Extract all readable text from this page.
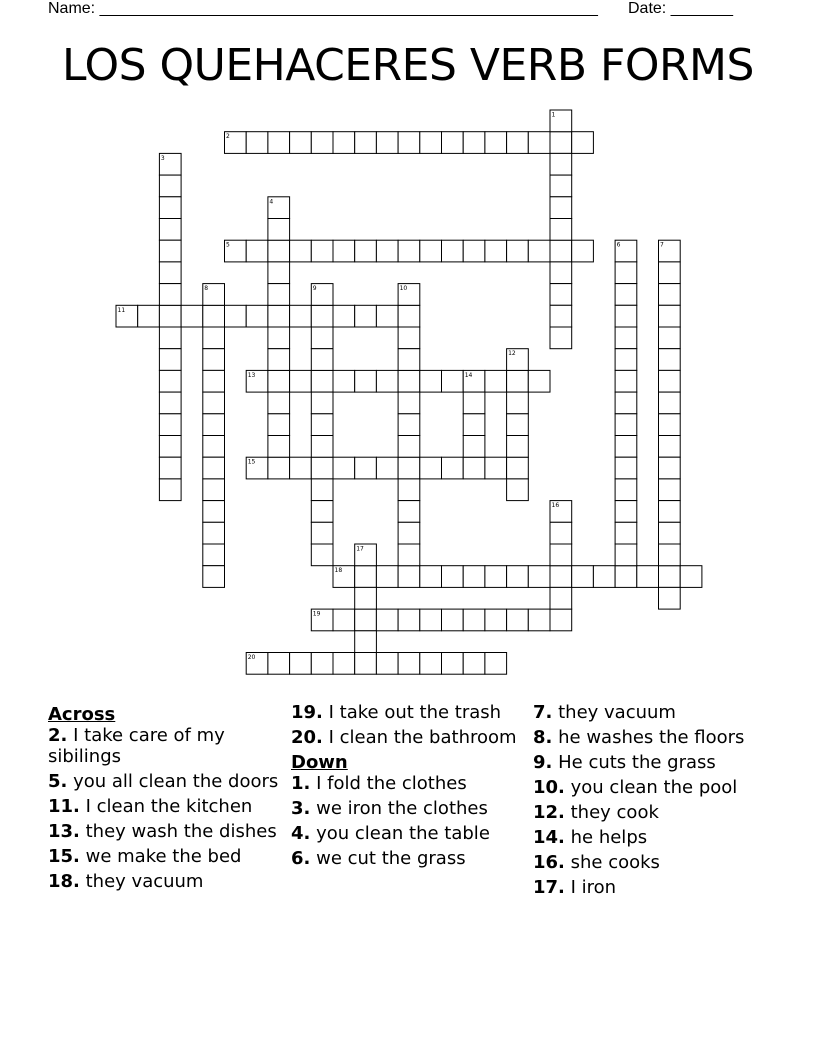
Name: ________________________________________________________ Date: _______
LOS QUEHACERES VERB FORMS
2
5
11
13
15
18
19
20
1
3
4
6	7
8	9	10
12
14
16
17
Across
2. I take care of my sibilings
5. you all clean the doors
11. I clean the kitchen
13. they wash the dishes
15. we make the bed
18. they vacuum
19. I take out the trash
20. I clean the bathroom
Down
1. I fold the clothes
3. we iron the clothes
4. you clean the table
6. we cut the grass
7. they vacuum
8. he washes the floors
9. He cuts the grass
10. you clean the pool
12. they cook
14. he helps
16. she cooks
17. I iron
